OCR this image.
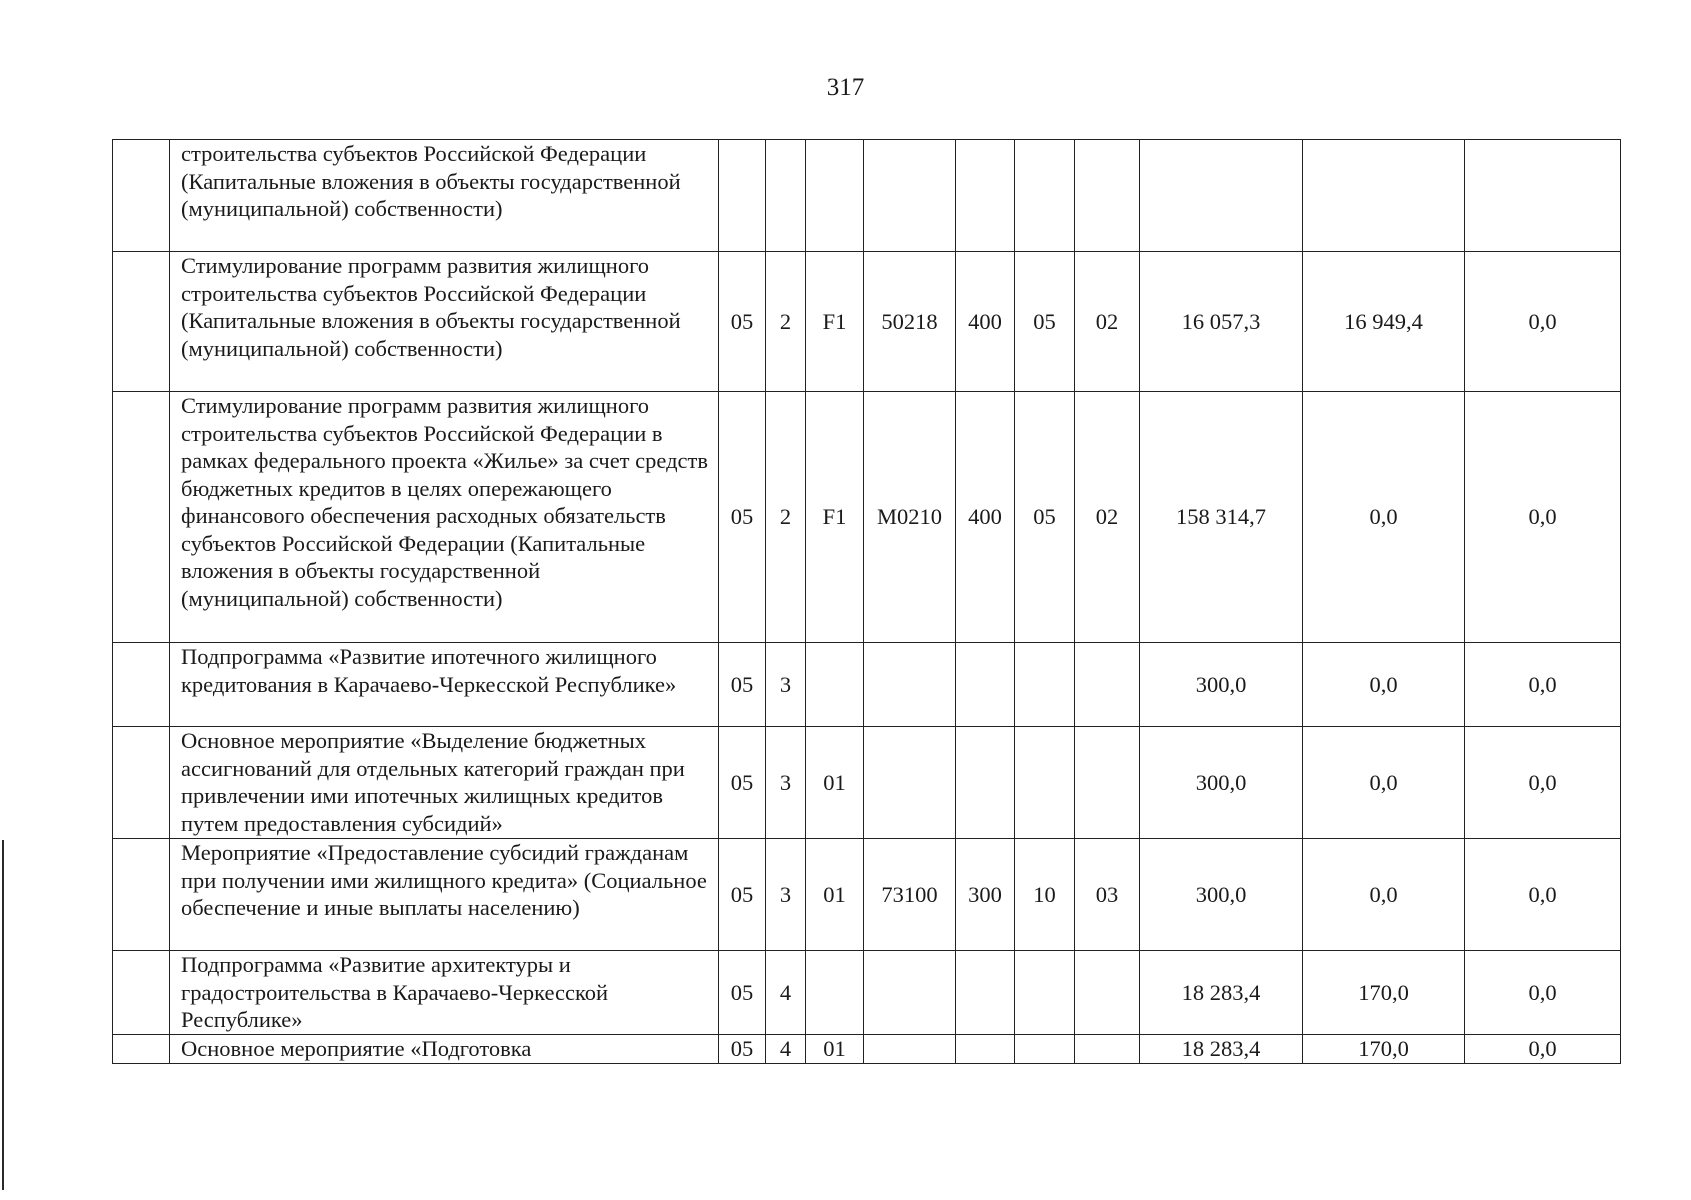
317
	строительства субъектов Российской Федерации (Капитальные вложения в объекты государственной (муниципальной) собственности)										
	Стимулирование программ развития жилищного строительства субъектов Российской Федерации (Капитальные вложения в объекты государственной (муниципальной) собственности)	05	2	F1	50218	400	05	02	16 057,3	16 949,4	0,0
	Стимулирование программ развития жилищного строительства субъектов Российской Федерации в рамках федерального проекта «Жилье» за счет средств бюджетных кредитов в целях опережающего финансового обеспечения расходных обязательств субъектов Российской Федерации (Капитальные вложения в объекты государственной (муниципальной) собственности)	05	2	F1	M0210	400	05	02	158 314,7	0,0	0,0
	Подпрограмма «Развитие ипотечного жилищного кредитования в Карачаево-Черкесской Республике»	05	3						300,0	0,0	0,0
	Основное мероприятие «Выделение бюджетных ассигнований для отдельных категорий граждан при привлечении ими ипотечных жилищных кредитов путем предоставления субсидий»	05	3	01					300,0	0,0	0,0
	Мероприятие «Предоставление субсидий гражданам при получении ими жилищного кредита» (Социальное обеспечение и иные выплаты населению)	05	3	01	73100	300	10	03	300,0	0,0	0,0
	Подпрограмма «Развитие архитектуры и градостроительства в Карачаево-Черкесской Республике»	05	4						18 283,4	170,0	0,0
	Основное мероприятие «Подготовка	05	4	01					18 283,4	170,0	0,0
